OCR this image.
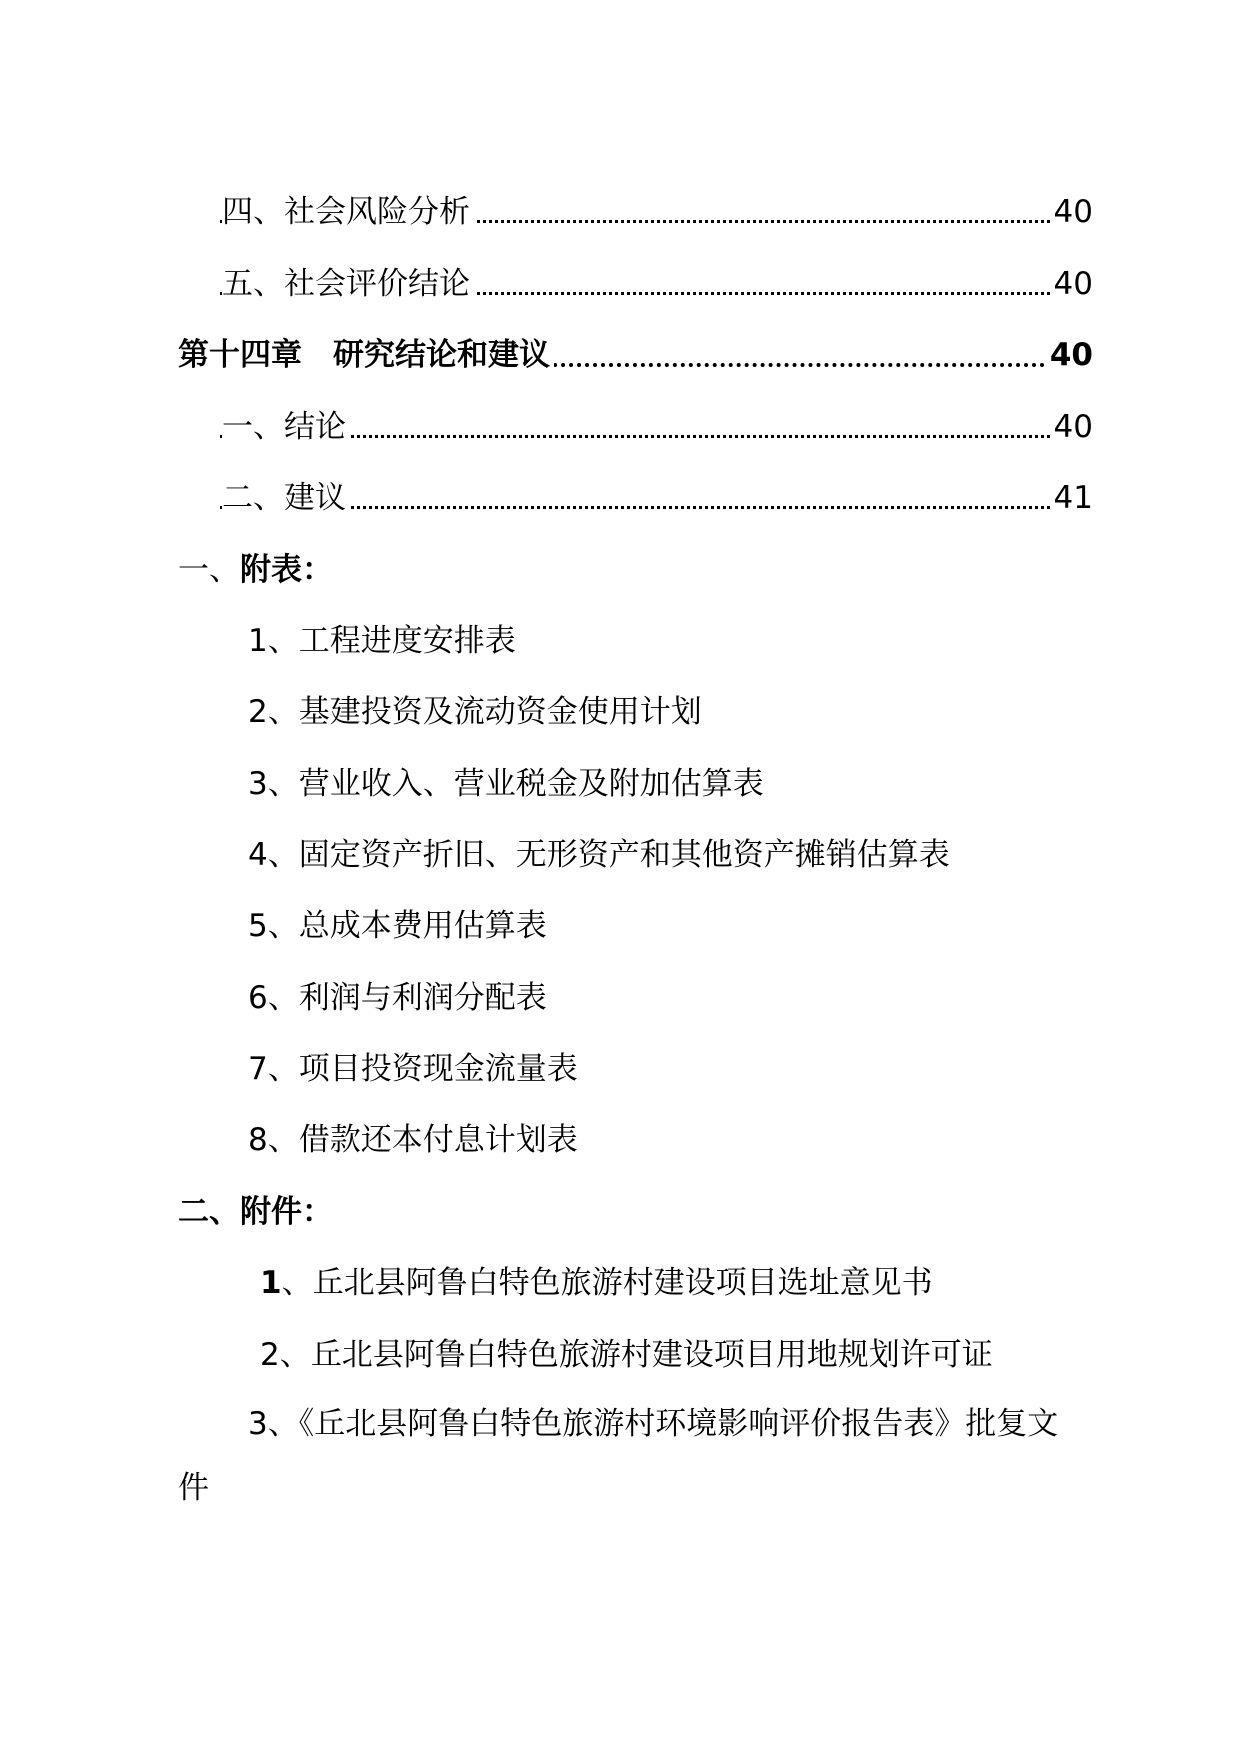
四、社会风险分析	40
五、社会评价结论	40
第十四章　研究结论和建议	40
一、结论	40
二、建议	41
一、附表：
1、工程进度安排表
2、基建投资及流动资金使用计划
3、营业收入、营业税金及附加估算表
4、固定资产折旧、无形资产和其他资产摊销估算表
5、总成本费用估算表
6、利润与利润分配表
7、项目投资现金流量表
8、借款还本付息计划表
二、附件：
1、丘北县阿鲁白特色旅游村建设项目选址意见书
2、丘北县阿鲁白特色旅游村建设项目用地规划许可证
3、《丘北县阿鲁白特色旅游村环境影响评价报告表》批复文件
